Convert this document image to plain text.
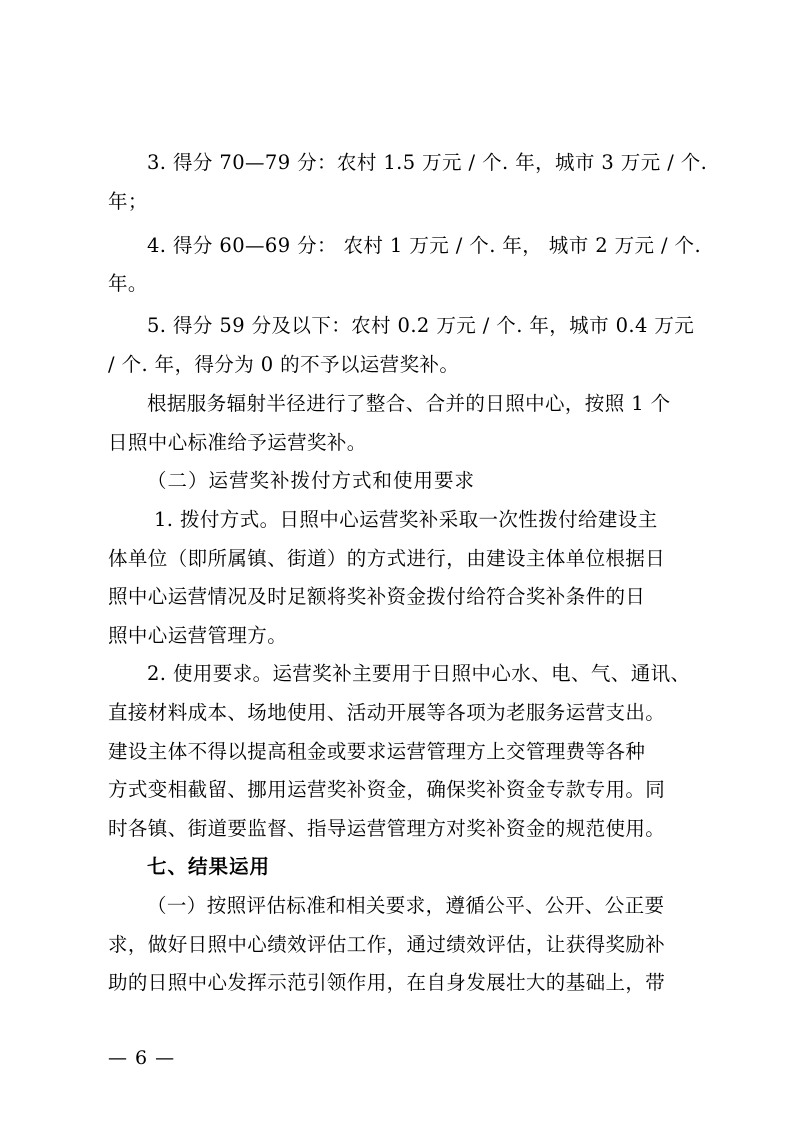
3. 得分 70—79 分：农村 1.5 万元 / 个. 年，城市 3 万元 / 个.
年；
4. 得分 60—69 分： 农村 1 万元 / 个. 年， 城市 2 万元 / 个.
年。
5. 得分 59 分及以下：农村 0.2 万元 / 个. 年，城市 0.4 万元
/ 个. 年，得分为 0 的不予以运营奖补。
根据服务辐射半径进行了整合、合并的日照中心，按照 1 个
日照中心标准给予运营奖补。
（二）运营奖补拨付方式和使用要求
1. 拨付方式。日照中心运营奖补采取一次性拨付给建设主
体单位（即所属镇、街道）的方式进行，由建设主体单位根据日
照中心运营情况及时足额将奖补资金拨付给符合奖补条件的日
照中心运营管理方。
2. 使用要求。运营奖补主要用于日照中心水、电、气、通讯、
直接材料成本、场地使用、活动开展等各项为老服务运营支出。
建设主体不得以提高租金或要求运营管理方上交管理费等各种
方式变相截留、挪用运营奖补资金，确保奖补资金专款专用。同
时各镇、街道要监督、指导运营管理方对奖补资金的规范使用。
七、结果运用
（一）按照评估标准和相关要求，遵循公平、公开、公正要
求，做好日照中心绩效评估工作，通过绩效评估，让获得奖励补
助的日照中心发挥示范引领作用，在自身发展壮大的基础上，带
— 6 —
